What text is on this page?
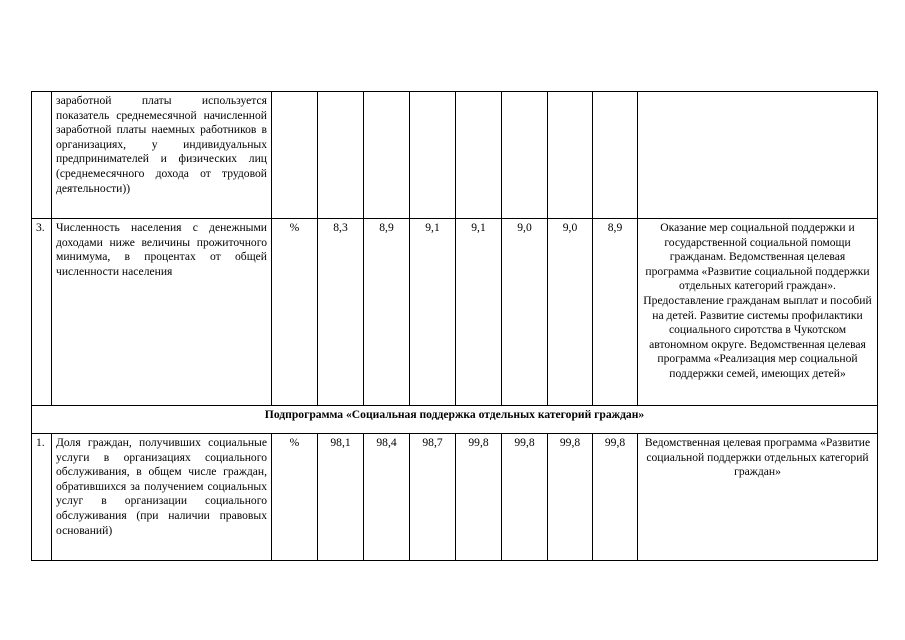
	заработной платы используется показатель среднемесячной начисленной заработной платы наемных работников в организациях, у индивидуальных предпринимателей и физических лиц (среднемесячного дохода от трудовой деятельности))									

3.	Численность населения с денежными доходами ниже величины прожиточного минимума, в процентах от общей численности населения	%	8,3	8,9	9,1	9,1	9,0	9,0	8,9	Оказание мер социальной поддержки и государственной социальной помощи гражданам. Ведомственная целевая программа «Развитие социальной поддержки отдельных категорий граждан». Предоставление гражданам выплат и пособий на детей. Развитие системы профилактики социального сиротства в Чукотском автономном округе. Ведомственная целевая программа «Реализация мер социальной поддержки семей, имеющих детей»
Подпрограмма «Социальная поддержка отдельных категорий граждан»										
1.	Доля граждан, получивших социальные услуги в организациях социального обслуживания, в общем числе граждан, обратившихся за получением социальных услуг в организации социального обслуживания (при наличии правовых оснований)	%	98,1	98,4	98,7	99,8	99,8	99,8	99,8	Ведомственная целевая программа «Развитие социальной поддержки отдельных категорий граждан»
